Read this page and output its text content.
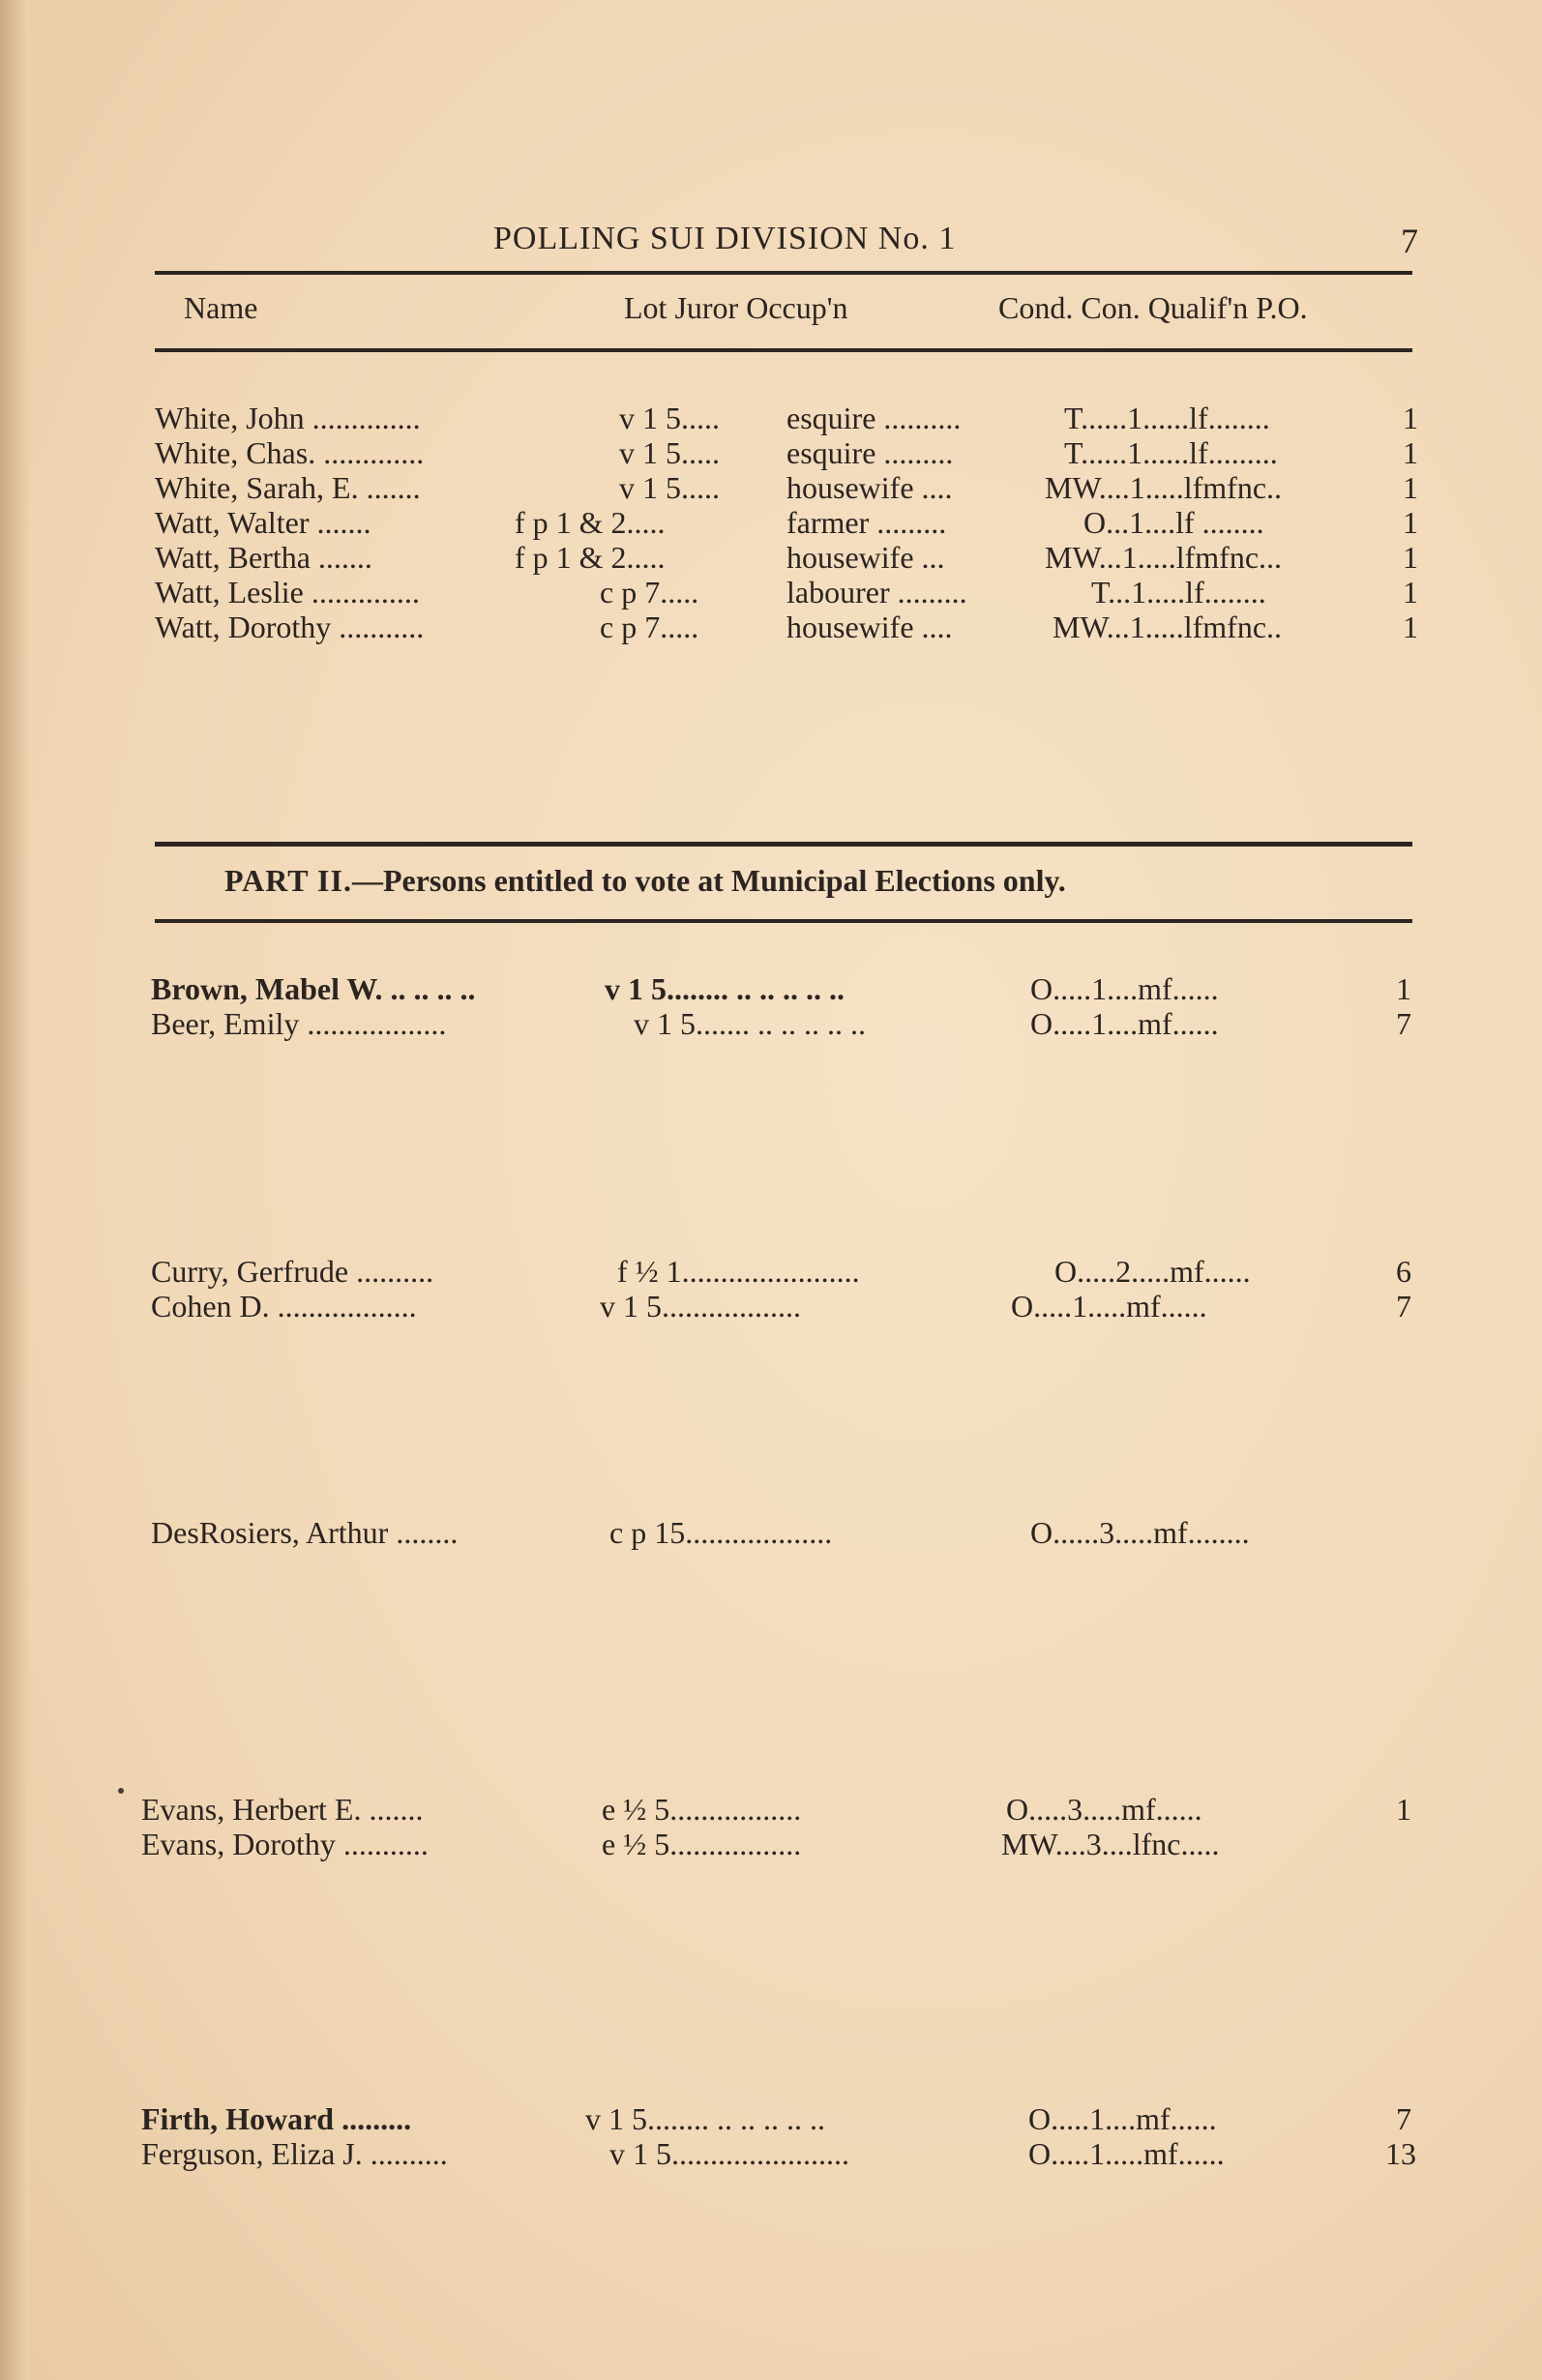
POLLING SUI DIVISION No. 1	7
Name	Lot Juror Occup'n	Cond. Con. Qualif'n P.O.
White, John ..............	v 1 5..... esquire ..........	T......1......lf........	1
White, Chas. .............	v 1 5..... esquire .........	T......1......lf.........	1
White, Sarah, E. .......	v 1 5..... housewife ....	MW....1.....lfmfnc..	1
Watt, Walter .......	f p 1 & 2.....	farmer .........	O...1....lf ........	1
Watt, Bertha .......	f p 1 & 2.....	housewife ...	MW...1.....lfmfnc...	1
Watt, Leslie ..............	c p 7.....	labourer .........	T...1.....lf........	1
Watt, Dorothy ...........	c p 7.....	housewife ....	MW...1.....lfmfnc..	1
PART II.—Persons entitled to vote at Municipal Elections only.
Brown, Mabel W. .. .. .. ..	v 1 5........ .. .. .. .. ..	O.....1....mf......	1
Beer, Emily ..................	v 1 5....... .. .. .. .. ..	O.....1....mf......	7
Curry, Gerfrude ..........	f ½ 1.......................	O.....2.....mf......	6
Cohen D. ..................	v 1 5..................	O.....1.....mf......	7
DesRosiers, Arthur ........	c p 15...................	O......3.....mf........
Evans, Herbert E. .......	e ½ 5.................	O.....3.....mf......	1
Evans, Dorothy ...........	e ½ 5.................	MW....3....lfnc.....
Firth, Howard .........	v 1 5........ .. .. .. .. ..	O.....1....mf......	7
Ferguson, Eliza J. ..........	v 1 5.......................	O.....1.....mf......	13
